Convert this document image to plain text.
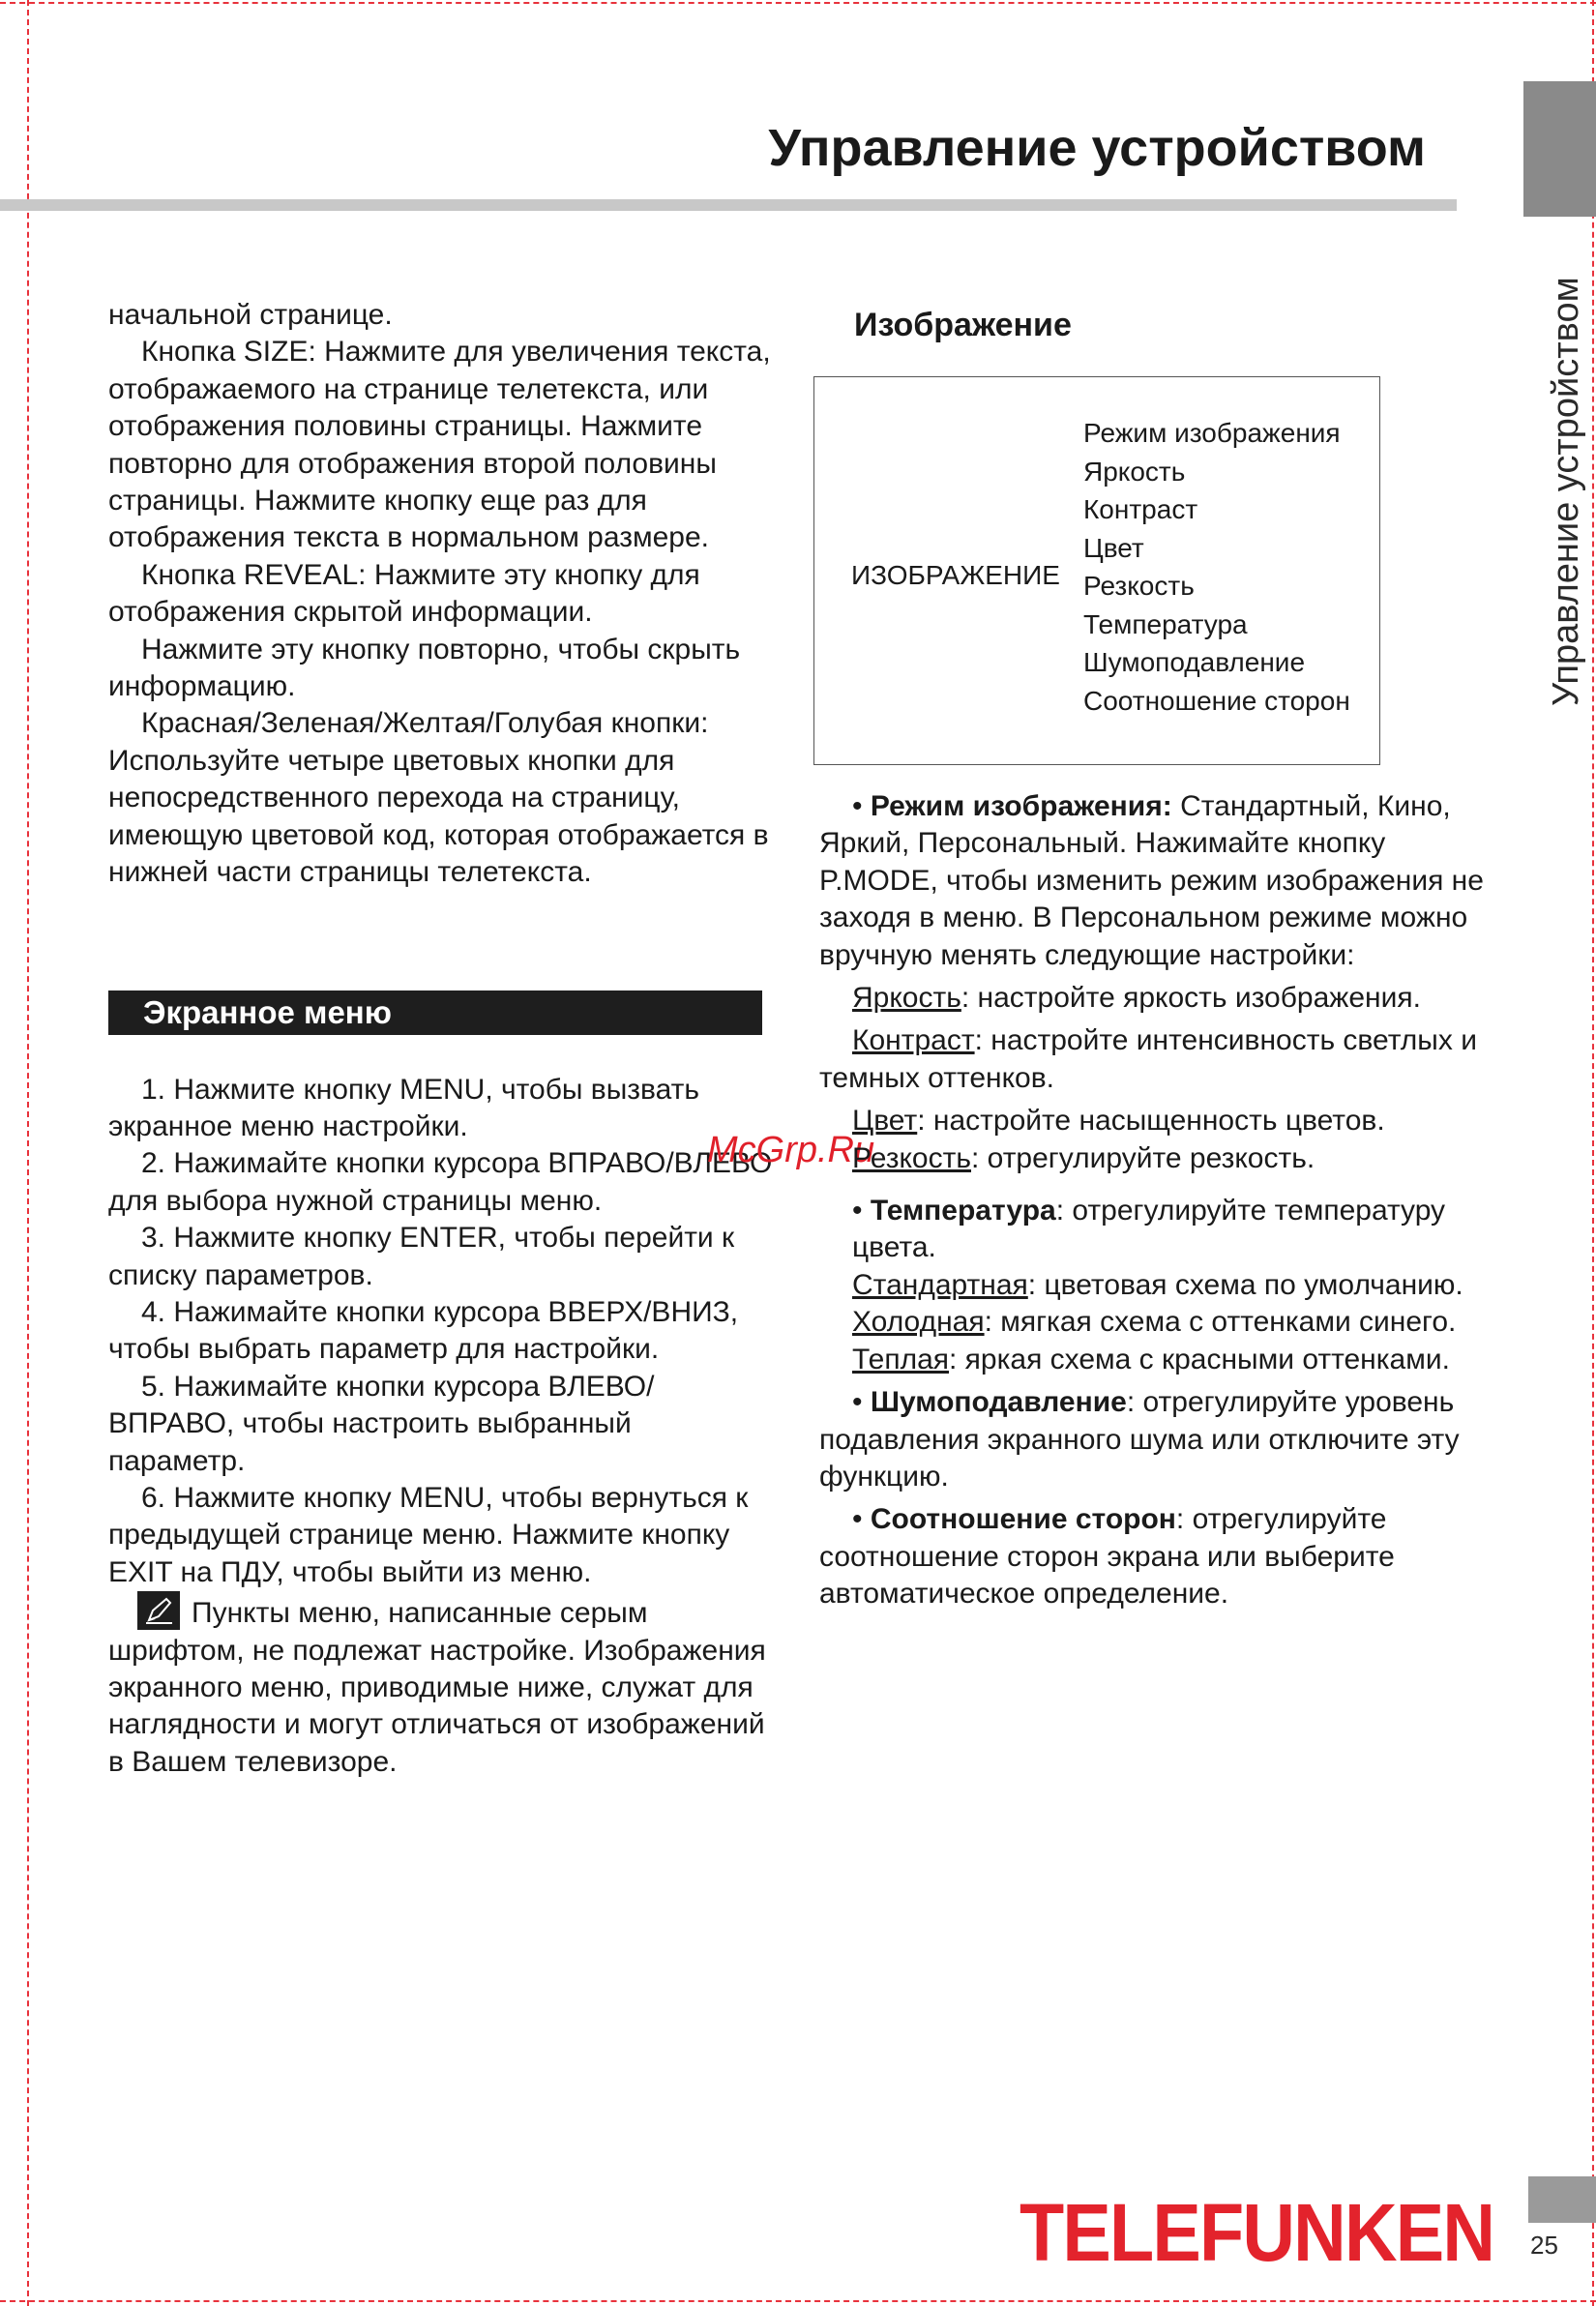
Управление устройством
Управление устройством

начальной странице.

Кнопка SIZE: Нажмите для увеличения текста, отображаемого на странице телетекста, или отображения половины страницы. Нажмите повторно для отображения второй половины страницы. Нажмите кнопку еще раз для отображения текста в нормальном размере.

Кнопка REVEAL: Нажмите эту кнопку для отображения скрытой информации.

Нажмите эту кнопку повторно, чтобы скрыть информацию.

Красная/Зеленая/Желтая/Голубая кнопки: Используйте четыре цветовых кнопки для непосредственного перехода на страницу, имеющую цветовой код, которая отображается в нижней части страницы телетекста.

Экранное меню

1. Нажмите кнопку MENU, чтобы вызвать экранное меню настройки.

2. Нажимайте кнопки курсора ВПРАВО/ВЛЕВО для выбора нужной страницы меню.

3. Нажмите кнопку ENTER, чтобы перейти к списку параметров.

4. Нажимайте кнопки курсора ВВЕРХ/ВНИЗ, чтобы выбрать параметр для настройки.

5. Нажимайте кнопки курсора ВЛЕВО/ВПРАВО, чтобы настроить выбранный параметр.

6. Нажмите кнопку MENU, чтобы вернуться к предыдущей странице меню. Нажмите кнопку EXIT на ПДУ, чтобы выйти из меню.

Пункты меню, написанные серым шрифтом, не подлежат настройке. Изображения экранного меню, приводимые ниже, служат для наглядности и могут отличаться от изображений в Вашем телевизоре.

McGrp.Ru

Изображение

ИЗОБРАЖЕНИЕ
Режим изображения
Яркость
Контраст
Цвет
Резкость
Температура
Шумоподавление
Соотношение сторон

• Режим изображения: Стандартный, Кино, Яркий, Персональный. Нажимайте кнопку P.MODE, чтобы изменить режим изображения не заходя в меню. В Персональном режиме можно вручную менять следующие настройки:

Яркость: настройте яркость изображения.

Контраст: настройте интенсивность светлых и темных оттенков.

Цвет: настройте насыщенность цветов.

Резкость: отрегулируйте резкость.

• Температура: отрегулируйте температуру цвета.

Стандартная: цветовая схема по умолчанию.

Холодная: мягкая схема с оттенками синего.

Теплая: яркая схема с красными оттенками.

• Шумоподавление: отрегулируйте уровень подавления экранного шума или отключите эту функцию.

• Соотношение сторон: отрегулируйте соотношение сторон экрана или выберите автоматическое определение.

TELEFUNKEN 25
